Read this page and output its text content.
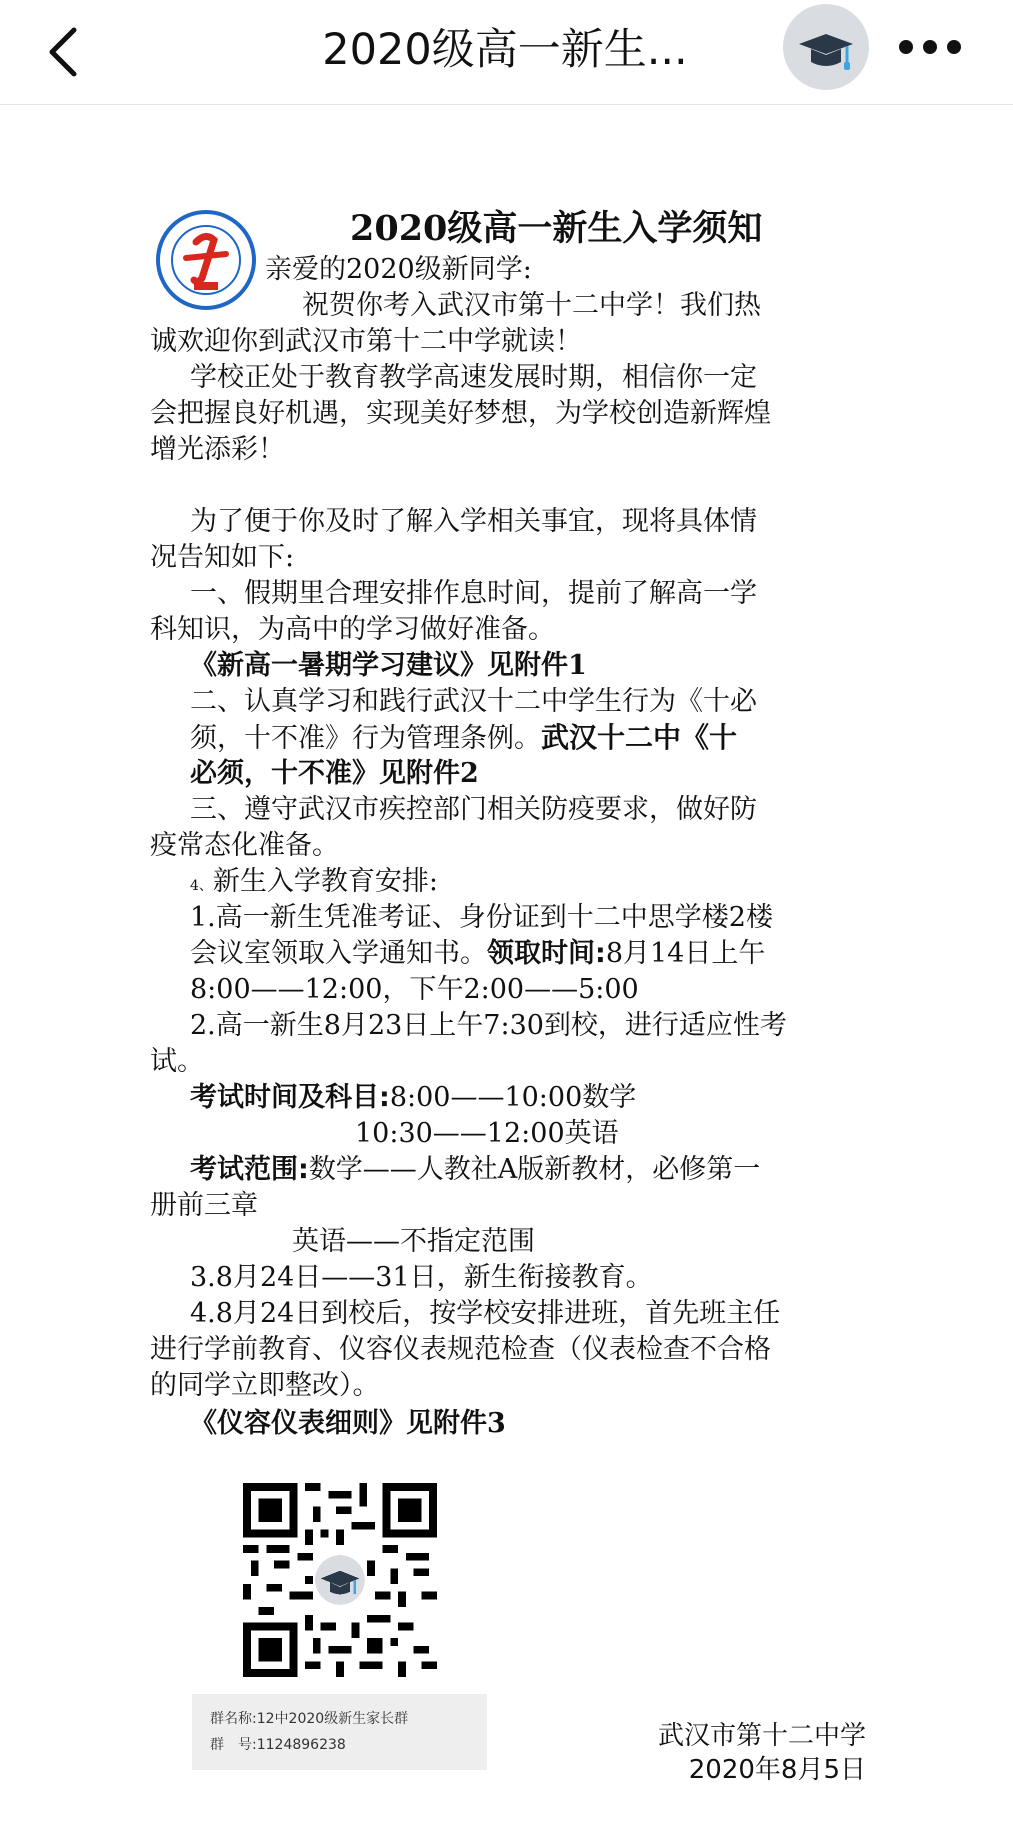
2020级高一新生...
2020级高一新生入学须知
亲爱的2020级新同学:
祝贺你考入武汉市第十二中学！我们热
诚欢迎你到武汉市第十二中学就读！
学校正处于教育教学高速发展时期，相信你一定
会把握良好机遇，实现美好梦想，为学校创造新辉煌
增光添彩！
为了便于你及时了解入学相关事宜，现将具体情
况告知如下:
一、假期里合理安排作息时间，提前了解高一学
科知识，为高中的学习做好准备。
《新高一暑期学习建议》见附件1
二、认真学习和践行武汉十二中学生行为《十必
须，十不准》行为管理条例。武汉十二中《十
必须，十不准》见附件2
三、遵守武汉市疾控部门相关防疫要求，做好防
疫常态化准备。
4、新生入学教育安排:
1.高一新生凭准考证、身份证到十二中思学楼2楼
会议室领取入学通知书。领取时间:8月14日上午
8:00——12:00，下午2:00——5:00
2.高一新生8月23日上午7:30到校，进行适应性考
试。
考试时间及科目:8:00——10:00数学
10:30——12:00英语
考试范围:数学——人教社A版新教材，必修第一
册前三章
英语——不指定范围
3.8月24日——31日，新生衔接教育。
4.8月24日到校后，按学校安排进班，首先班主任
进行学前教育、仪容仪表规范检查（仪表检查不合格
的同学立即整改）。
《仪容仪表细则》见附件3
群名称:12中2020级新生家长群
群　号:1124896238	武汉市第十二中学
2020年8月5日
